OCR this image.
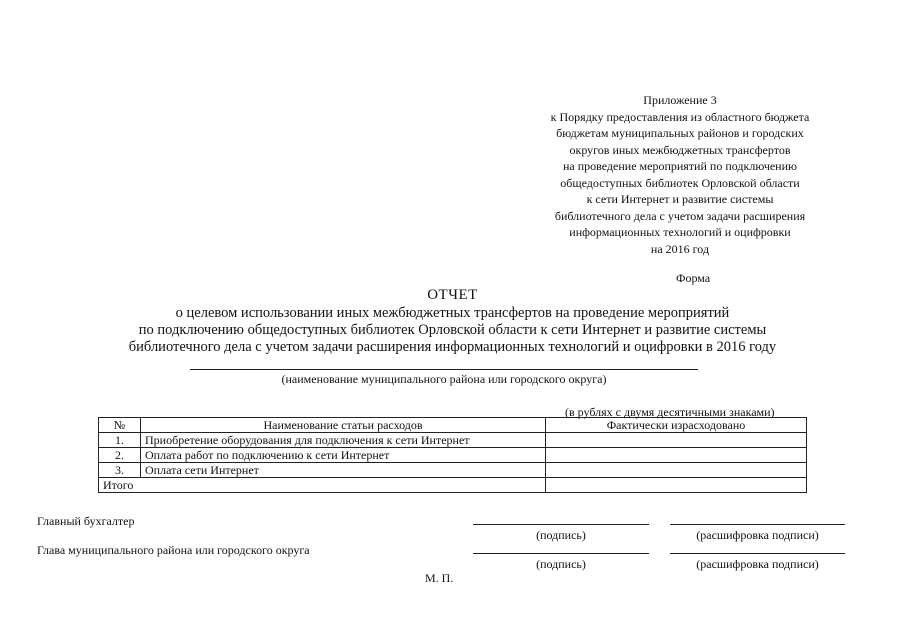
Приложение 3
к Порядку предоставления из областного бюджета
бюджетам муниципальных районов и городских
округов иных межбюджетных трансфертов
на проведение мероприятий по подключению
общедоступных библиотек Орловской области
к сети Интернет и развитие системы
библиотечного дела с учетом задачи расширения
информационных технологий и оцифровки
на 2016 год
Форма
ОТЧЕТ
о целевом использовании иных межбюджетных трансфертов на проведение мероприятий
по подключению общедоступных библиотек Орловской области к сети Интернет и развитие системы
библиотечного дела с учетом задачи расширения информационных технологий и оцифровки в 2016 году
(наименование муниципального района или городского округа)
(в рублях с двумя десятичными знаками)
№	Наименование статьи расходов	Фактически израсходовано
1.	Приобретение оборудования для подключения к сети Интернет	
2.	Оплата работ по подключению к сети Интернет	
3.	Оплата сети Интернет	
Итого		
Главный бухгалтер
(подпись)	(расшифровка подписи)
Глава муниципального района или городского округа
(подпись)	(расшифровка подписи)
М. П.
